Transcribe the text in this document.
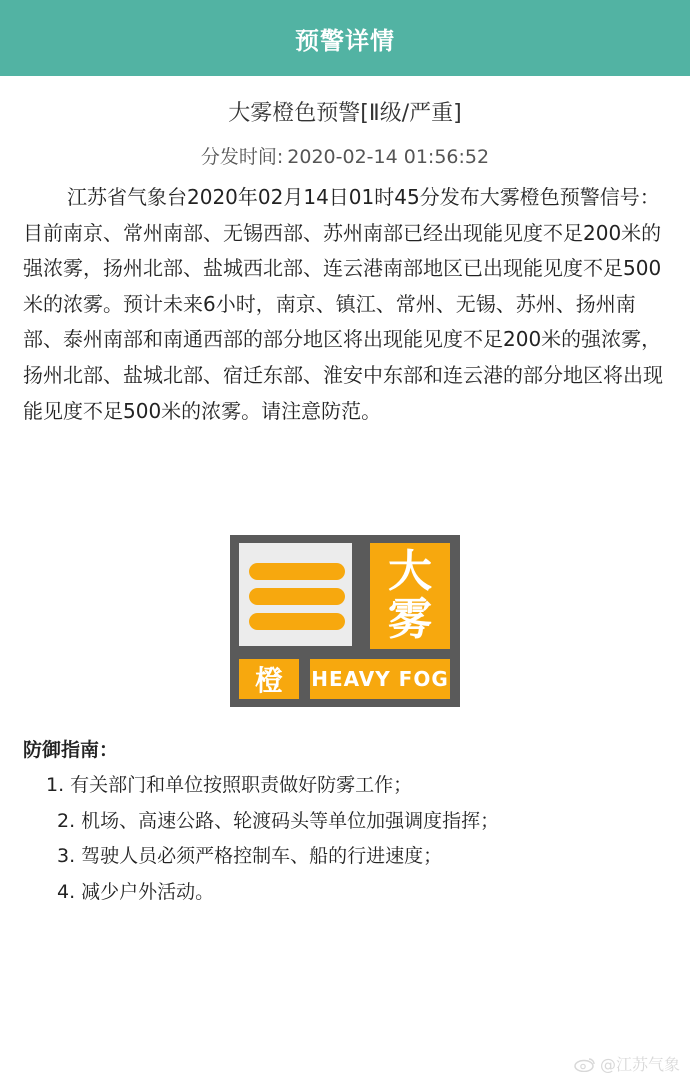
预警详情
大雾橙色预警[Ⅱ级/严重]
分发时间: 2020-02-14 01:56:52
江苏省气象台2020年02月14日01时45分发布大雾橙色预警信号：目前南京、常州南部、无锡西部、苏州南部已经出现能见度不足200米的强浓雾，扬州北部、盐城西北部、连云港南部地区已出现能见度不足500米的浓雾。预计未来6小时，南京、镇江、常州、无锡、苏州、扬州南部、泰州南部和南通西部的部分地区将出现能见度不足200米的强浓雾，扬州北部、盐城北部、宿迁东部、淮安中东部和连云港的部分地区将出现能见度不足500米的浓雾。请注意防范。
大
雾
橙 HEAVY FOG
防御指南：
1. 有关部门和单位按照职责做好防雾工作；
2. 机场、高速公路、轮渡码头等单位加强调度指挥；
3. 驾驶人员必须严格控制车、船的行进速度；
4. 减少户外活动。
@江苏气象
